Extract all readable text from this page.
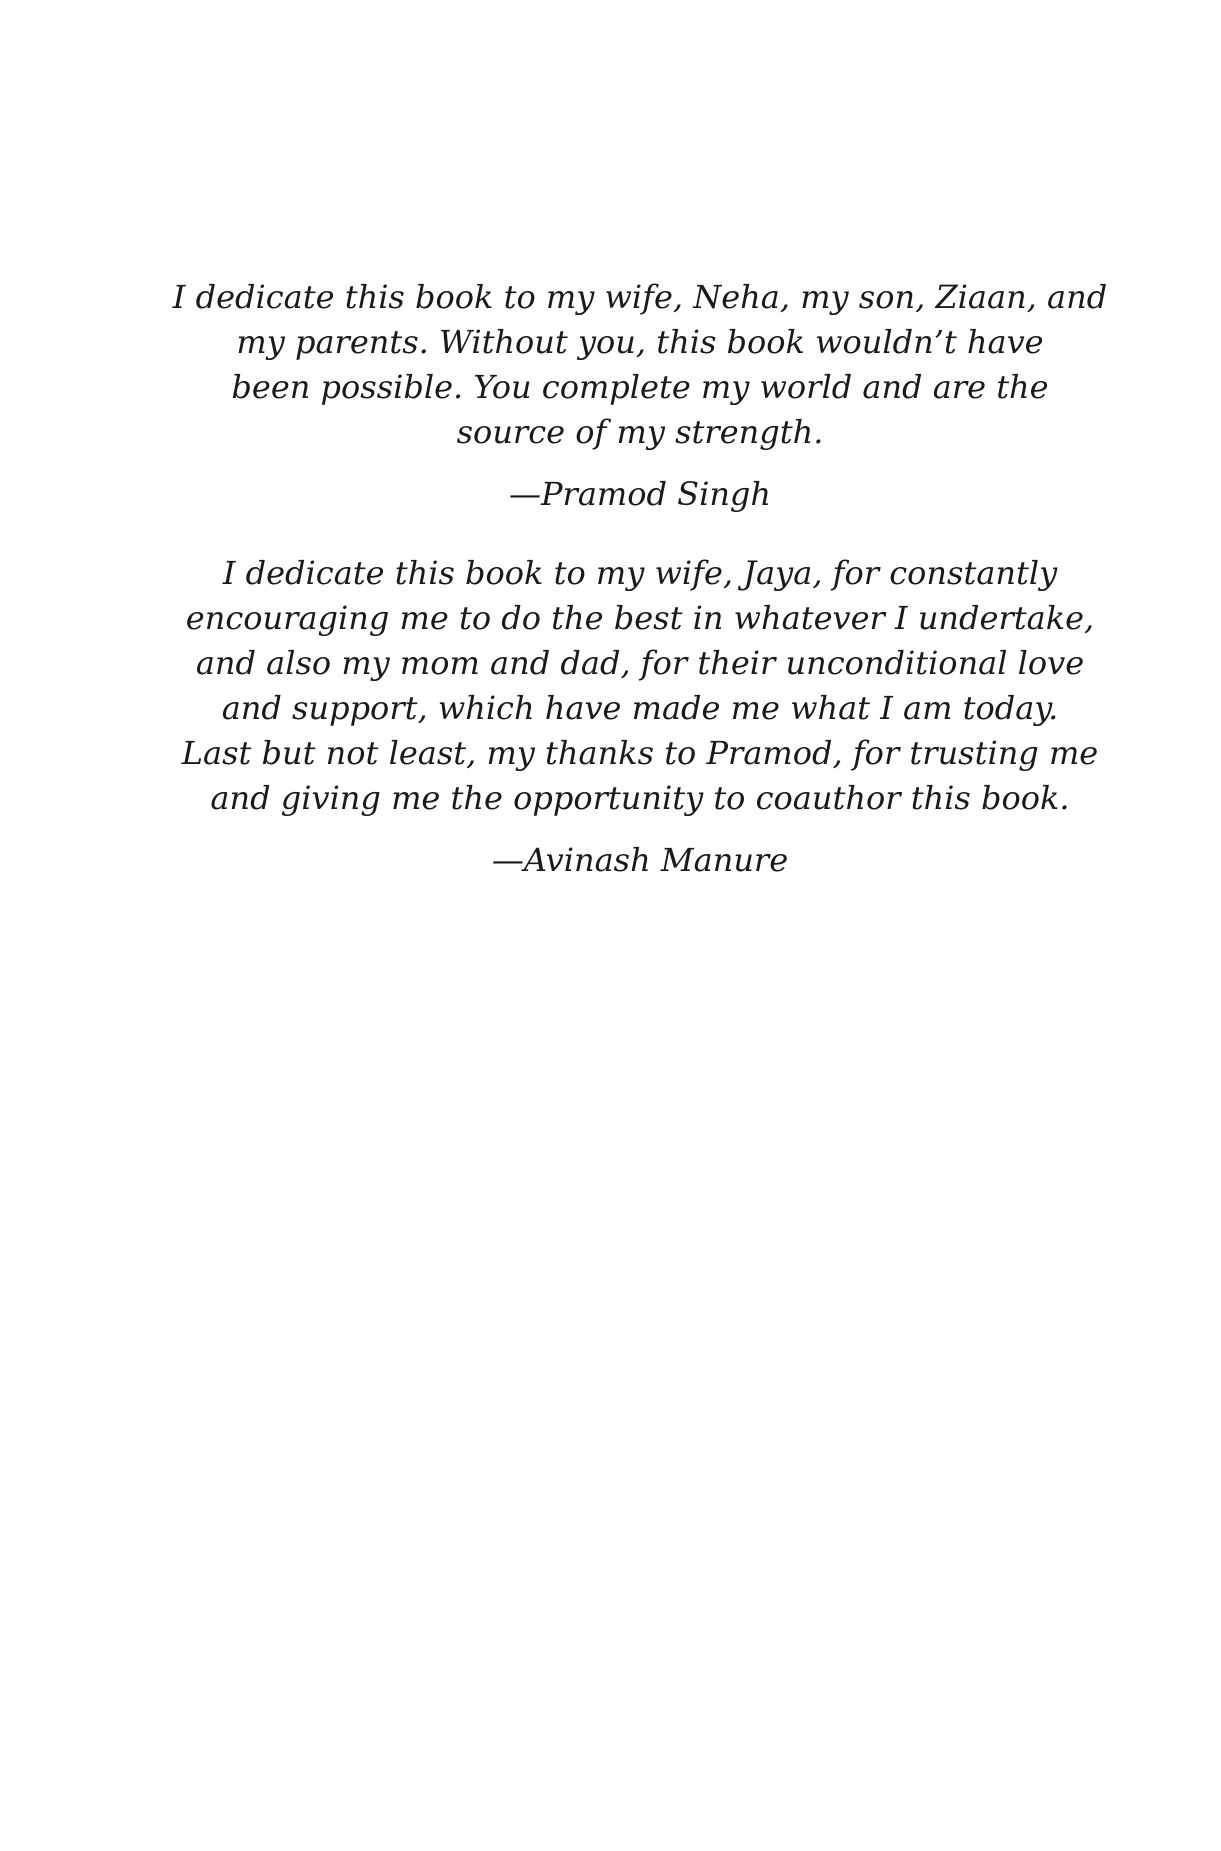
I dedicate this book to my wife, Neha, my son, Ziaan, and
my parents. Without you, this book wouldn’t have
been possible. You complete my world and are the
source of my strength.
—Pramod Singh
I dedicate this book to my wife, Jaya, for constantly
encouraging me to do the best in whatever I undertake,
and also my mom and dad, for their unconditional love
and support, which have made me what I am today.
Last but not least, my thanks to Pramod, for trusting me
and giving me the opportunity to coauthor this book.
—Avinash Manure
